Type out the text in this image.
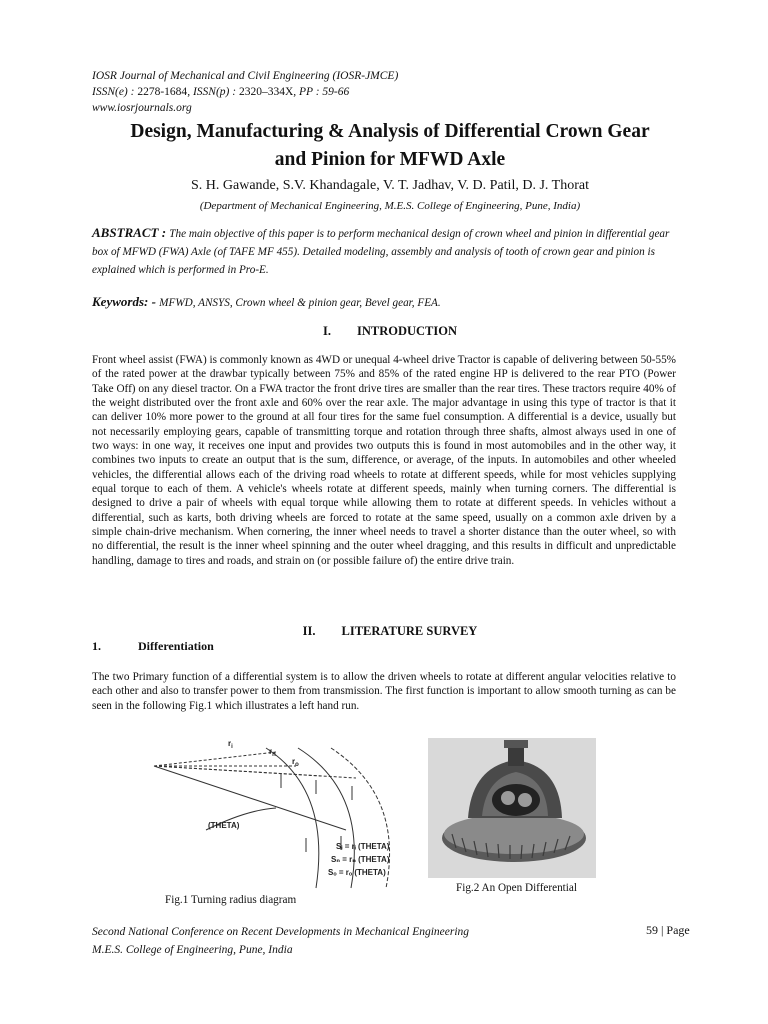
IOSR Journal of Mechanical and Civil Engineering (IOSR-JMCE)
ISSN(e) : 2278-1684, ISSN(p) : 2320–334X, PP : 59-66
www.iosrjournals.org
Design, Manufacturing & Analysis of Differential Crown Gear
and Pinion for MFWD Axle
S. H. Gawande, S.V. Khandagale, V. T. Jadhav, V. D. Patil, D. J. Thorat
(Department of Mechanical Engineering, M.E.S. College of Engineering, Pune, India)
ABSTRACT : The main objective of this paper is to perform mechanical design of crown wheel and pinion in differential gear box of MFWD (FWA) Axle (of TAFE MF 455). Detailed modeling, assembly and analysis of tooth of crown gear and pinion is explained which is performed in Pro-E.
Keywords: - MFWD, ANSYS, Crown wheel & pinion gear, Bevel gear, FEA.
I. INTRODUCTION
Front wheel assist (FWA) is commonly known as 4WD or unequal 4-wheel drive Tractor is capable of delivering between 50-55% of the rated power at the drawbar typically between 75% and 85% of the rated engine HP is delivered to the rear PTO (Power Take Off) on any diesel tractor. On a FWA tractor the front drive tires are smaller than the rear tires. These tractors require 40% of the weight distributed over the front axle and 60% over the rear axle. The major advantage in using this type of tractor is that it can deliver 10% more power to the ground at all four tires for the same fuel consumption. A differential is a device, usually but not necessarily employing gears, capable of transmitting torque and rotation through three shafts, almost always used in one of two ways: in one way, it receives one input and provides two outputs this is found in most automobiles and in the other way, it combines two inputs to create an output that is the sum, difference, or average, of the inputs. In automobiles and other wheeled vehicles, the differential allows each of the driving road wheels to rotate at different speeds, while for most vehicles supplying equal torque to each of them. A vehicle's wheels rotate at different speeds, mainly when turning corners. The differential is designed to drive a pair of wheels with equal torque while allowing them to rotate at different speeds. In vehicles without a differential, such as karts, both driving wheels are forced to rotate at the same speed, usually on a common axle driven by a simple chain-drive mechanism. When cornering, the inner wheel needs to travel a shorter distance than the outer wheel, so with no differential, the result is the inner wheel spinning and the outer wheel dragging, and this results in difficult and unpredictable handling, damage to tires and roads, and strain on (or possible failure of) the entire drive train.
II. LITERATURE SURVEY
1.	Differentiation
The two Primary function of a differential system is to allow the driven wheels to rotate at different angular velocities relative to each other and also to transfer power to them from transmission. The first function is important to allow smooth turning as can be seen in the following Fig.1 which illustrates a left hand run.
$r_i$	$r_n$
$r_o$
(THETA)
Sᵢ = rᵢ (THETA)
Sₙ = rₙ (THETA)
Sₒ = rₒ (THETA)
Fig.1 Turning radius diagram
Fig.2 An Open Differential
Second National Conference on Recent Developments in Mechanical Engineering
M.E.S. College of Engineering, Pune, India
59 | Page
